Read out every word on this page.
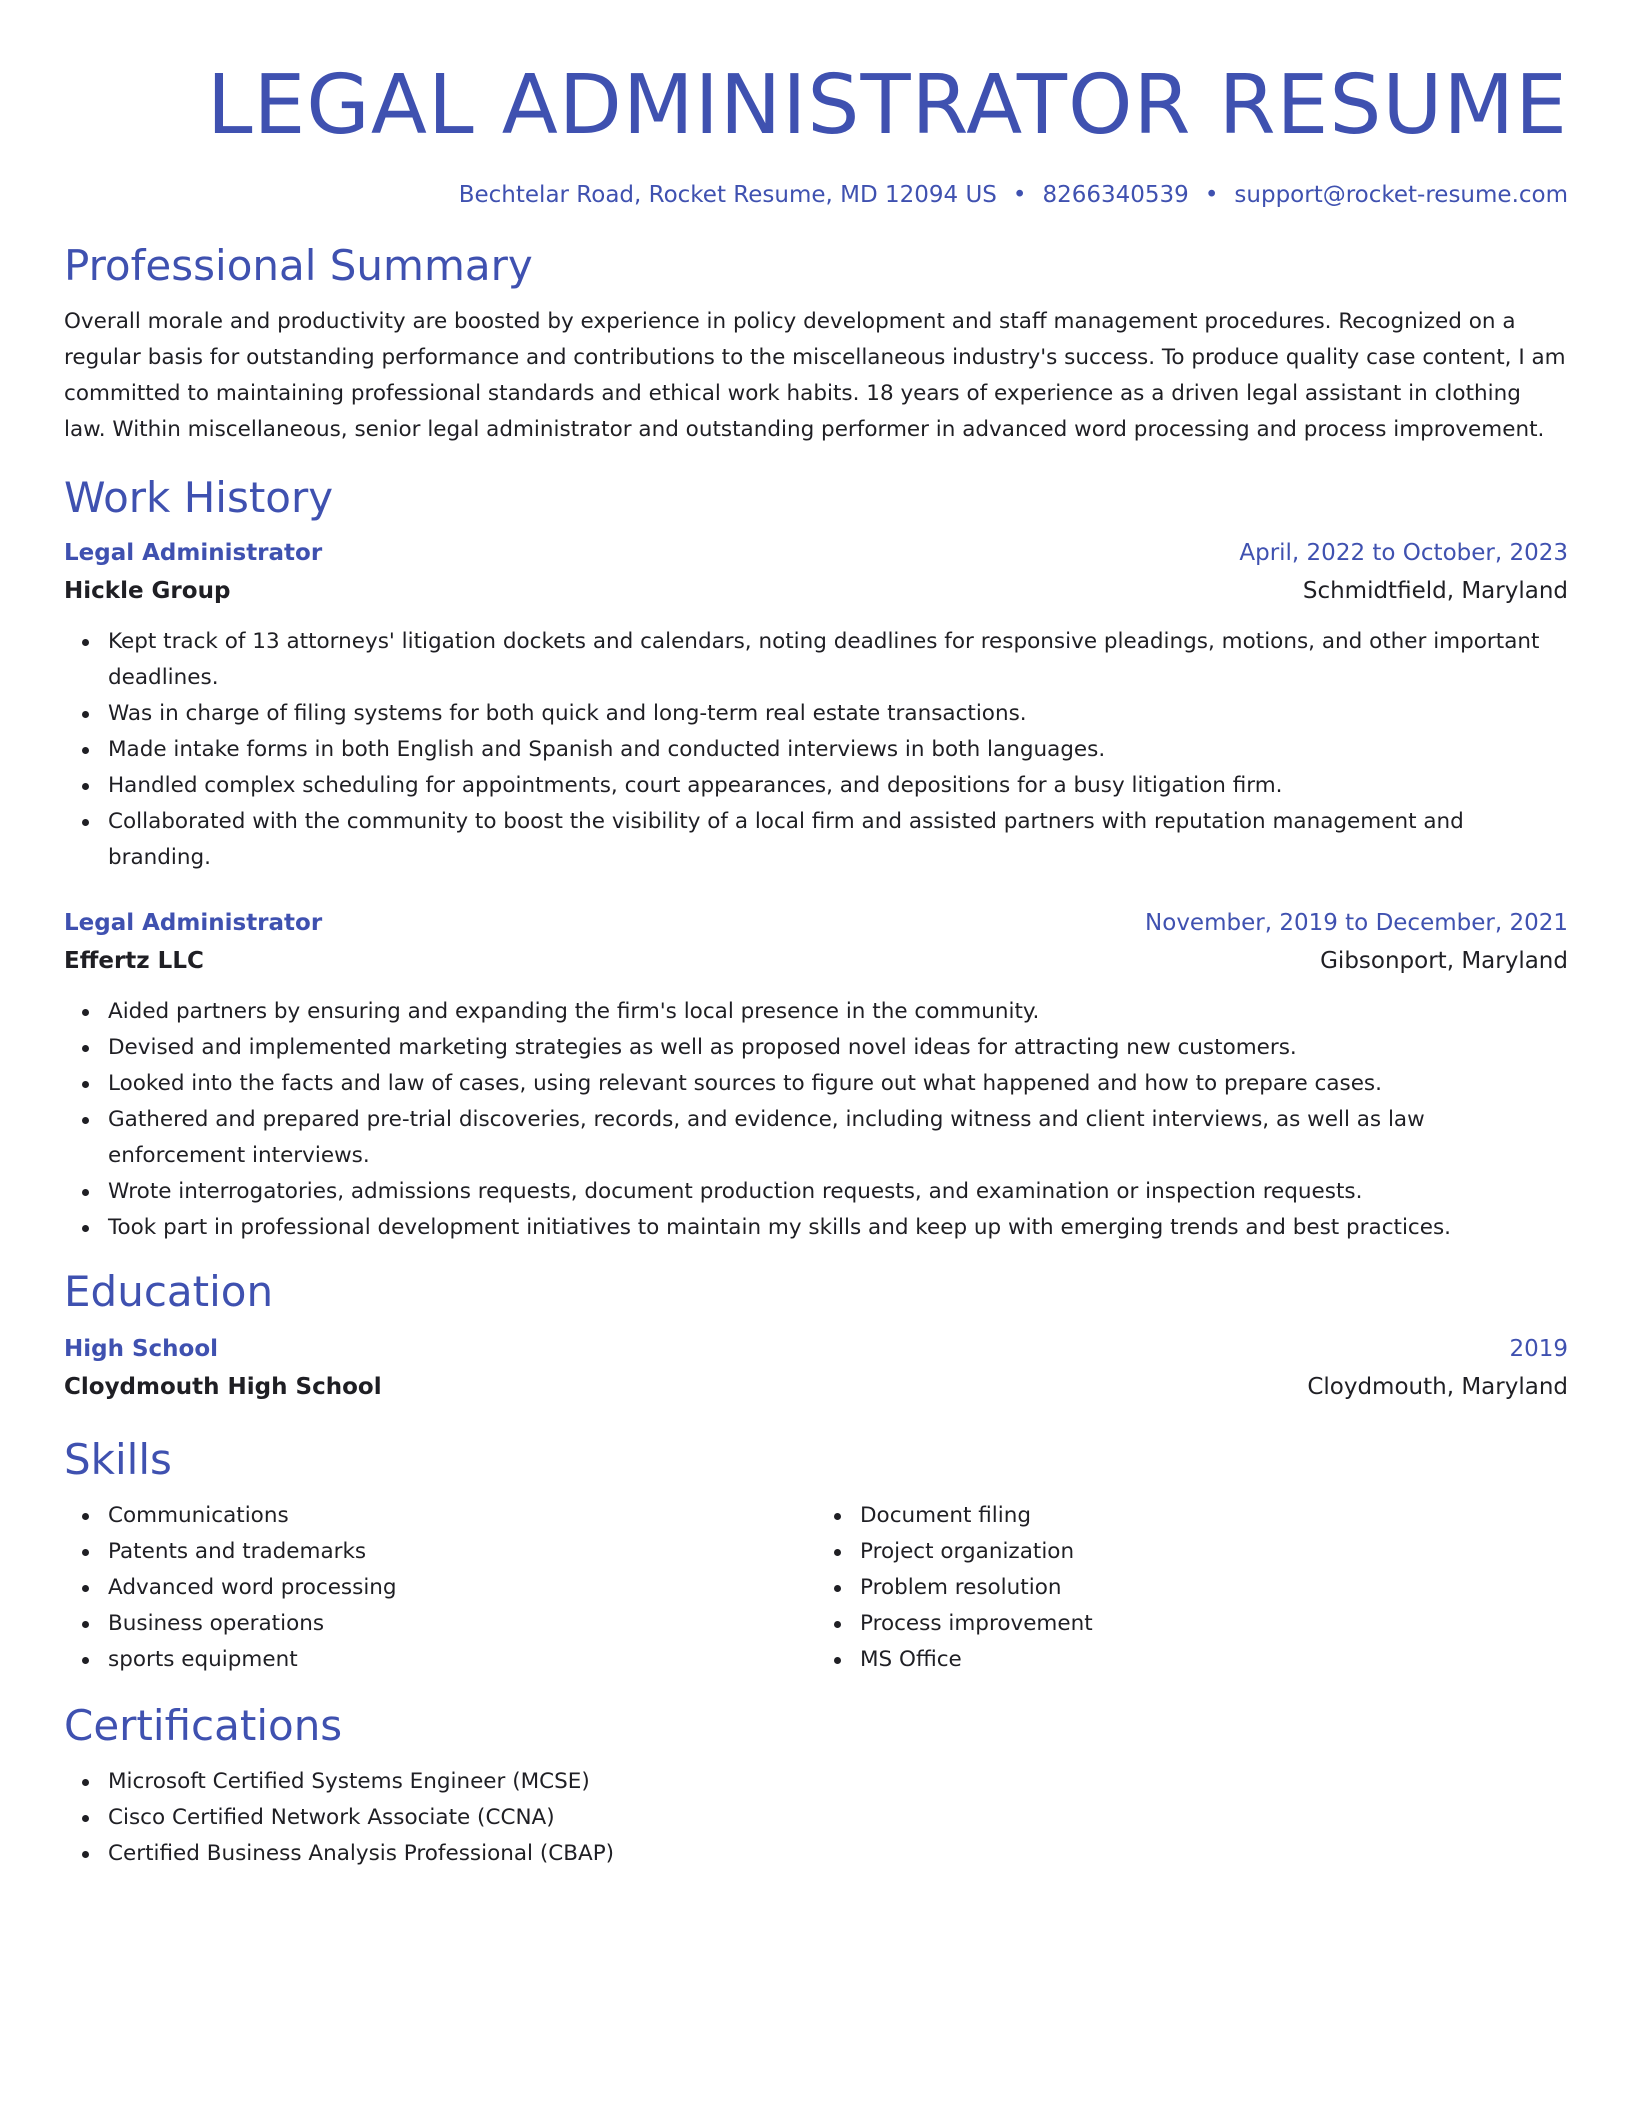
LEGAL ADMINISTRATOR RESUME
Bechtelar Road, Rocket Resume, MD 12094 US • 8266340539 • support@rocket-resume.com
Professional Summary

Overall morale and productivity are boosted by experience in policy development and staff management procedures. Recognized on a regular basis for outstanding performance and contributions to the miscellaneous industry's success. To produce quality case content, I am committed to maintaining professional standards and ethical work habits. 18 years of experience as a driven legal assistant in clothing law. Within miscellaneous, senior legal administrator and outstanding performer in advanced word processing and process improvement.

Work History
Legal Administrator	April, 2022 to October, 2023
Hickle Group	Schmidtfield, Maryland
Kept track of 13 attorneys' litigation dockets and calendars, noting deadlines for responsive pleadings, motions, and other important deadlines.
Was in charge of filing systems for both quick and long-term real estate transactions.
Made intake forms in both English and Spanish and conducted interviews in both languages.
Handled complex scheduling for appointments, court appearances, and depositions for a busy litigation firm.
Collaborated with the community to boost the visibility of a local firm and assisted partners with reputation management and branding.
Legal Administrator	November, 2019 to December, 2021
Effertz LLC	Gibsonport, Maryland
Aided partners by ensuring and expanding the firm's local presence in the community.
Devised and implemented marketing strategies as well as proposed novel ideas for attracting new customers.
Looked into the facts and law of cases, using relevant sources to figure out what happened and how to prepare cases.
Gathered and prepared pre-trial discoveries, records, and evidence, including witness and client interviews, as well as law enforcement interviews.
Wrote interrogatories, admissions requests, document production requests, and examination or inspection requests.
Took part in professional development initiatives to maintain my skills and keep up with emerging trends and best practices.
Education
High School	2019
Cloydmouth High School	Cloydmouth, Maryland
Skills
Communications
Patents and trademarks
Advanced word processing
Business operations
sports equipment
Document filing
Project organization
Problem resolution
Process improvement
MS Office
Certifications
Microsoft Certified Systems Engineer (MCSE)
Cisco Certified Network Associate (CCNA)
Certified Business Analysis Professional (CBAP)
